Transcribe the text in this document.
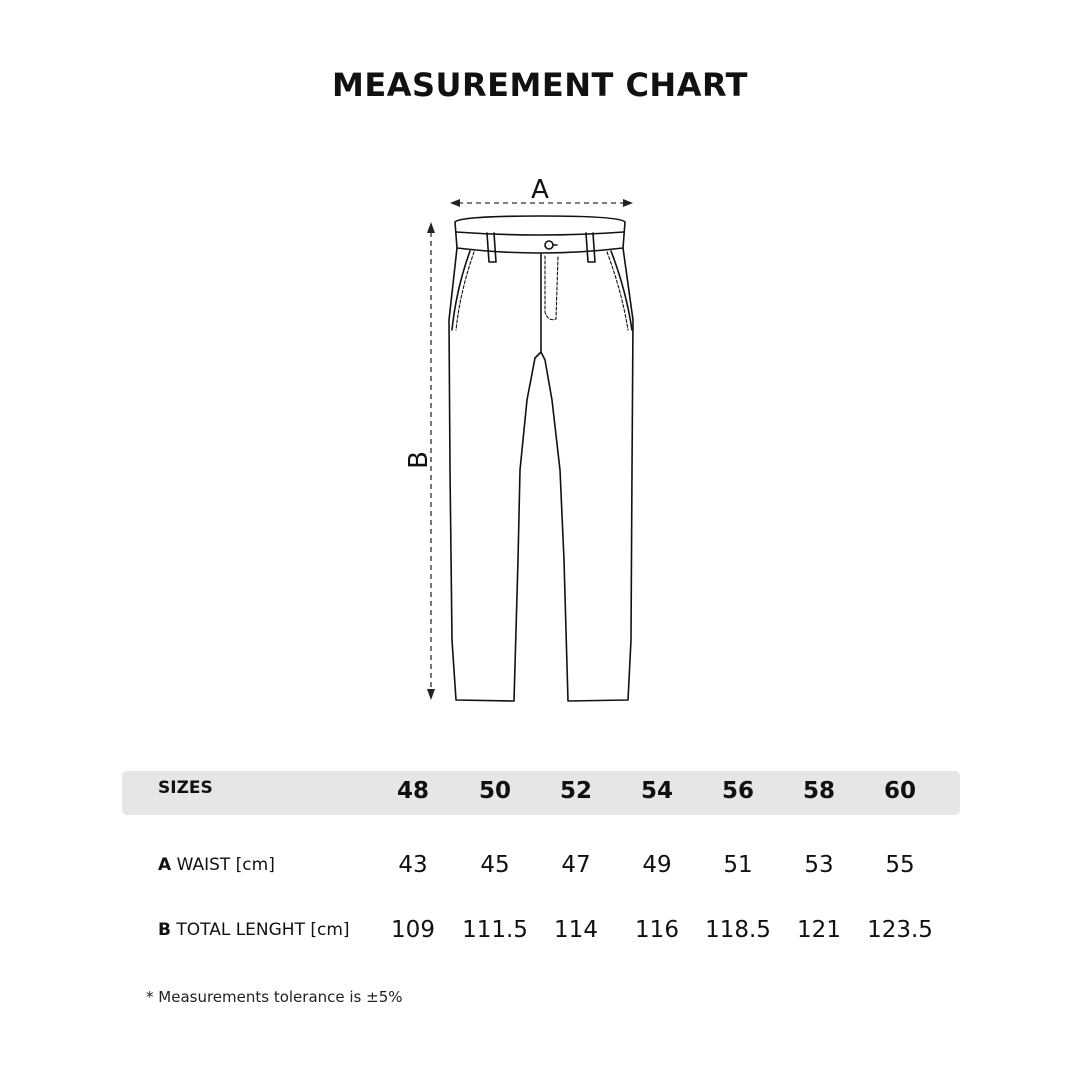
MEASUREMENT CHART
A
B
SIZES	48	50	52	54	56	58	60
A WAIST [cm]	43	45	47	49	51	53	55
B TOTAL LENGHT [cm]	109	111.5	114	116	118.5	121	123.5
* Measurements tolerance is ±5%
